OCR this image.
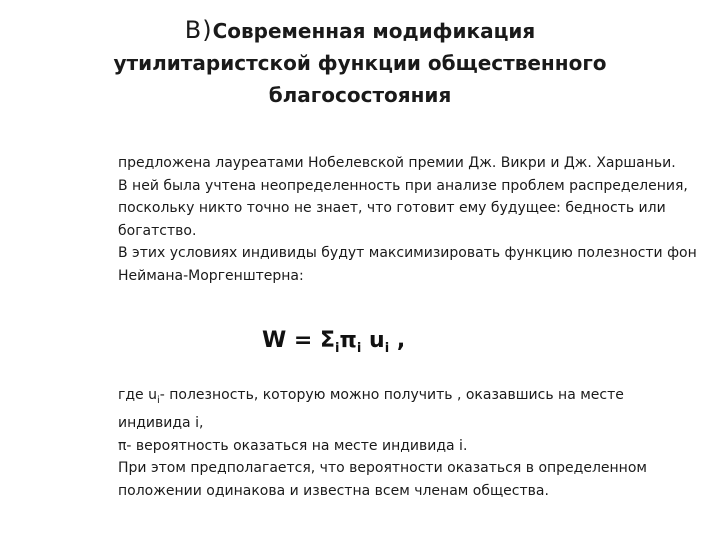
В)Современная модификация
утилитаристской функции общественного
благосостояния

предложена лауреатами Нобелевской премии Дж. Викри и Дж. Харшаньи.

В ней была учтена неопределенность при анализе проблем распределения, поскольку никто точно не знает, что готовит ему будущее: бедность или богатство.

В этих условиях индивиды будут максимизировать функцию полезности фон Неймана-Моргенштерна:

$W = \Sigma_i\pi_i$ $u_i$ ,

где $u_i-$ полезность, которую можно получить , оказавшись на месте индивида i,

π- вероятность оказаться на месте индивида i.

При этом предполагается, что вероятности оказаться в определенном положении одинакова и известна всем членам общества.
